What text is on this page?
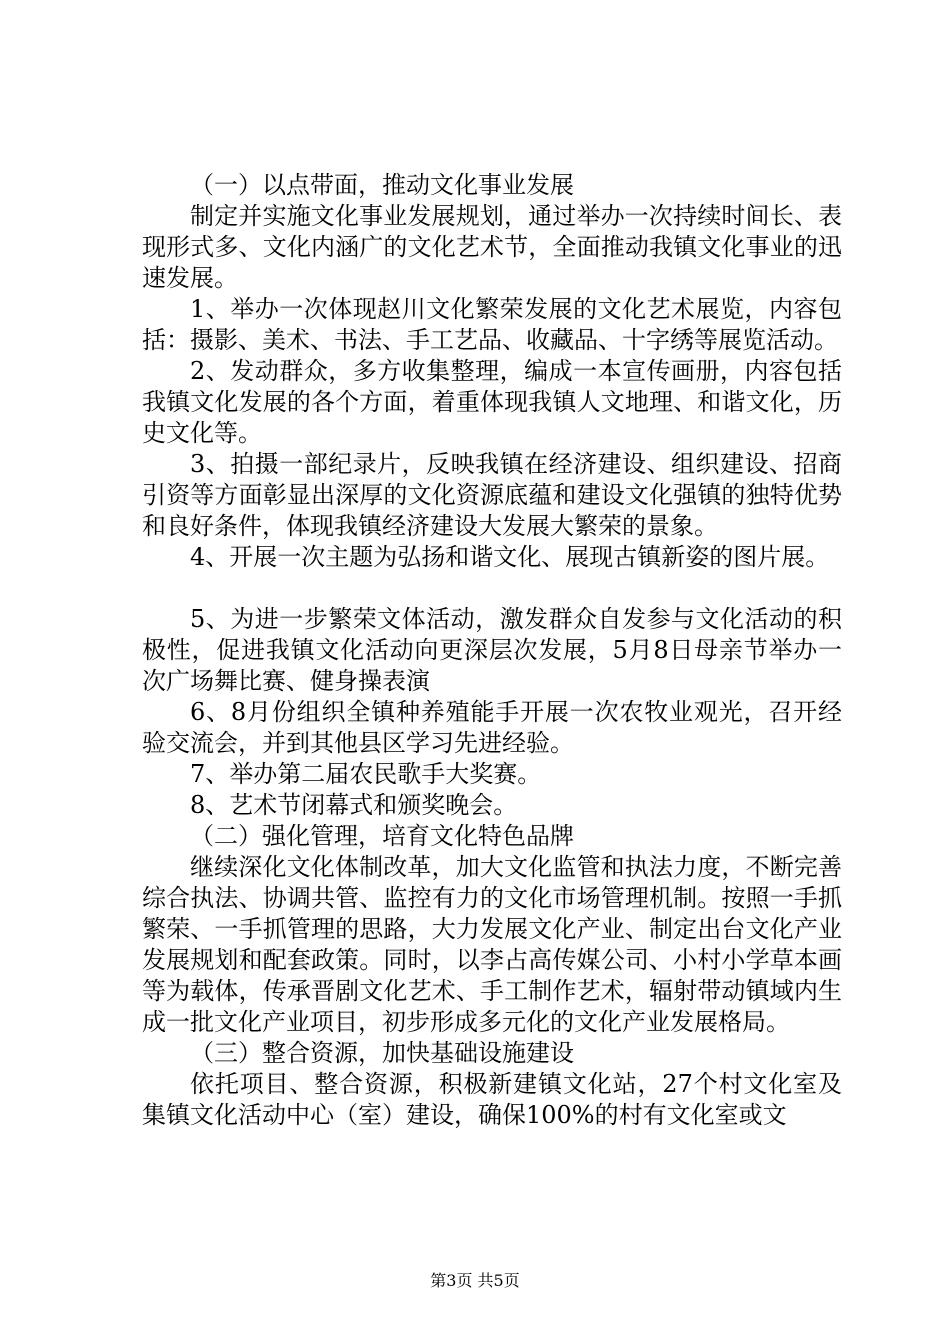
（一）以点带面，推动文化事业发展

制定并实施文化事业发展规划，通过举办一次持续时间长、表现形式多、文化内涵广的文化艺术节，全面推动我镇文化事业的迅速发展。

1、举办一次体现赵川文化繁荣发展的文化艺术展览，内容包括：摄影、美术、书法、手工艺品、收藏品、十字绣等展览活动。

2、发动群众，多方收集整理，编成一本宣传画册，内容包括我镇文化发展的各个方面，着重体现我镇人文地理、和谐文化，历史文化等。

3、拍摄一部纪录片，反映我镇在经济建设、组织建设、招商引资等方面彰显出深厚的文化资源底蕴和建设文化强镇的独特优势和良好条件，体现我镇经济建设大发展大繁荣的景象。

4、开展一次主题为弘扬和谐文化、展现古镇新姿的图片展。

5、为进一步繁荣文体活动，激发群众自发参与文化活动的积极性，促进我镇文化活动向更深层次发展，5月8日母亲节举办一次广场舞比赛、健身操表演

6、8月份组织全镇种养殖能手开展一次农牧业观光，召开经验交流会，并到其他县区学习先进经验。

7、举办第二届农民歌手大奖赛。

8、艺术节闭幕式和颁奖晚会。

（二）强化管理，培育文化特色品牌

继续深化文化体制改革，加大文化监管和执法力度，不断完善综合执法、协调共管、监控有力的文化市场管理机制。按照一手抓繁荣、一手抓管理的思路，大力发展文化产业、制定出台文化产业发展规划和配套政策。同时，以李占高传媒公司、小村小学草本画等为载体，传承晋剧文化艺术、手工制作艺术，辐射带动镇域内生成一批文化产业项目，初步形成多元化的文化产业发展格局。

（三）整合资源，加快基础设施建设

依托项目、整合资源，积极新建镇文化站，27个村文化室及集镇文化活动中心（室）建设，确保100%的村有文化室或文

第3页 共5页
